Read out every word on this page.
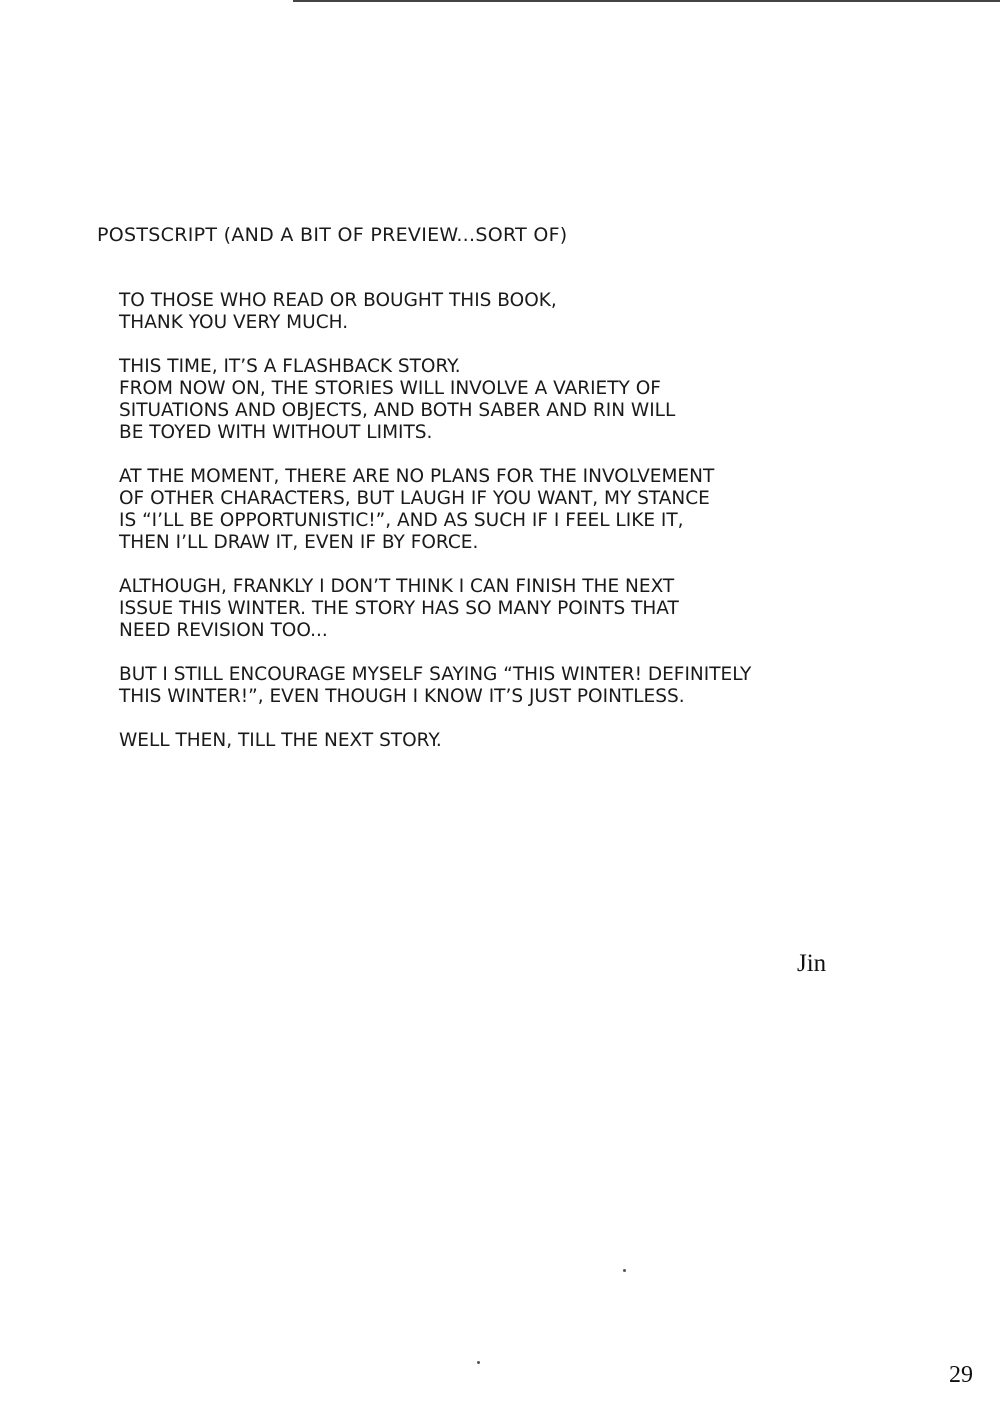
POSTSCRIPT (AND A BIT OF PREVIEW...SORT OF)
TO THOSE WHO READ OR BOUGHT THIS BOOK,
THANK YOU VERY MUCH.
THIS TIME, IT’S A FLASHBACK STORY.
FROM NOW ON, THE STORIES WILL INVOLVE A VARIETY OF
SITUATIONS AND OBJECTS, AND BOTH SABER AND RIN WILL
BE TOYED WITH WITHOUT LIMITS.
AT THE MOMENT, THERE ARE NO PLANS FOR THE INVOLVEMENT
OF OTHER CHARACTERS, BUT LAUGH IF YOU WANT, MY STANCE
IS “I’LL BE OPPORTUNISTIC!”, AND AS SUCH IF I FEEL LIKE IT,
THEN I’LL DRAW IT, EVEN IF BY FORCE.
ALTHOUGH, FRANKLY I DON’T THINK I CAN FINISH THE NEXT
ISSUE THIS WINTER. THE STORY HAS SO MANY POINTS THAT
NEED REVISION TOO...
BUT I STILL ENCOURAGE MYSELF SAYING “THIS WINTER! DEFINITELY
THIS WINTER!”, EVEN THOUGH I KNOW IT’S JUST POINTLESS.
WELL THEN, TILL THE NEXT STORY.
Jin
29
